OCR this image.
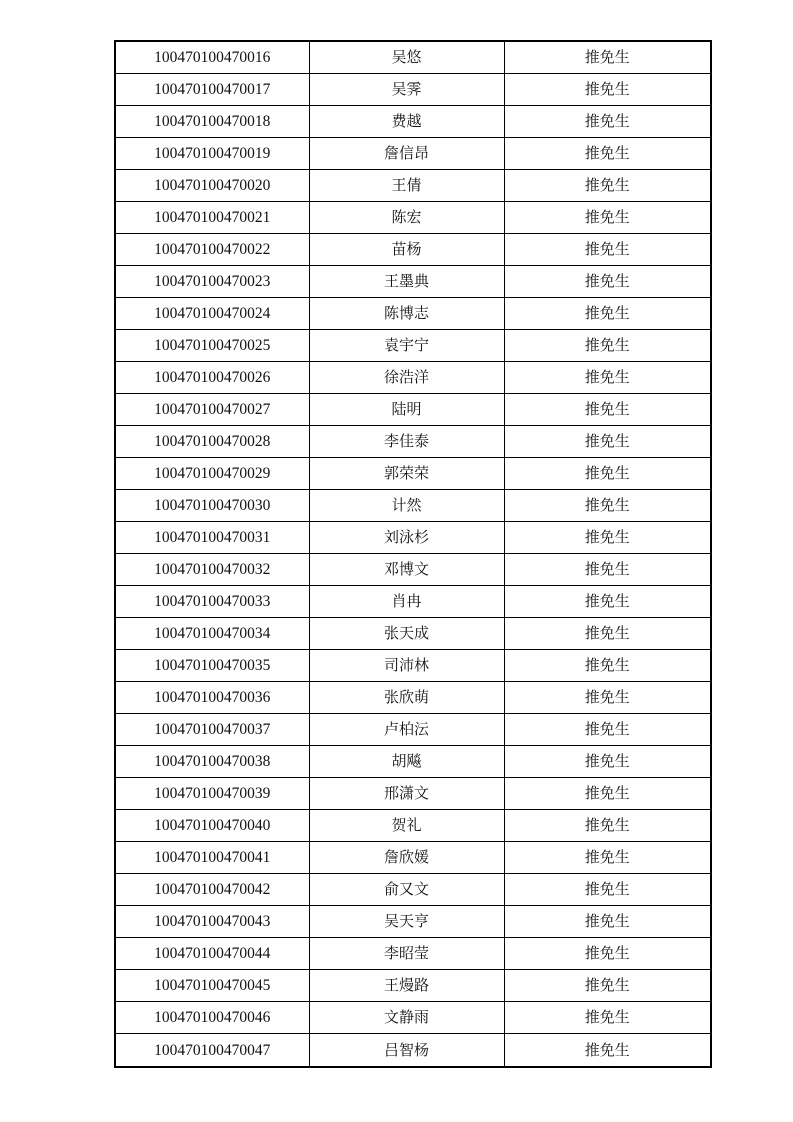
100470100470016	吴悠	推免生
100470100470017	吴霁	推免生
100470100470018	费越	推免生
100470100470019	詹信昂	推免生
100470100470020	王倩	推免生
100470100470021	陈宏	推免生
100470100470022	苗杨	推免生
100470100470023	王墨典	推免生
100470100470024	陈博志	推免生
100470100470025	袁宇宁	推免生
100470100470026	徐浩洋	推免生
100470100470027	陆明	推免生
100470100470028	李佳泰	推免生
100470100470029	郭荣荣	推免生
100470100470030	计然	推免生
100470100470031	刘泳杉	推免生
100470100470032	邓博文	推免生
100470100470033	肖冉	推免生
100470100470034	张天成	推免生
100470100470035	司沛林	推免生
100470100470036	张欣萌	推免生
100470100470037	卢柏沄	推免生
100470100470038	胡飚	推免生
100470100470039	邢潇文	推免生
100470100470040	贺礼	推免生
100470100470041	詹欣媛	推免生
100470100470042	俞又文	推免生
100470100470043	吴天亨	推免生
100470100470044	李昭莹	推免生
100470100470045	王熳路	推免生
100470100470046	文静雨	推免生
100470100470047	吕智杨	推免生
